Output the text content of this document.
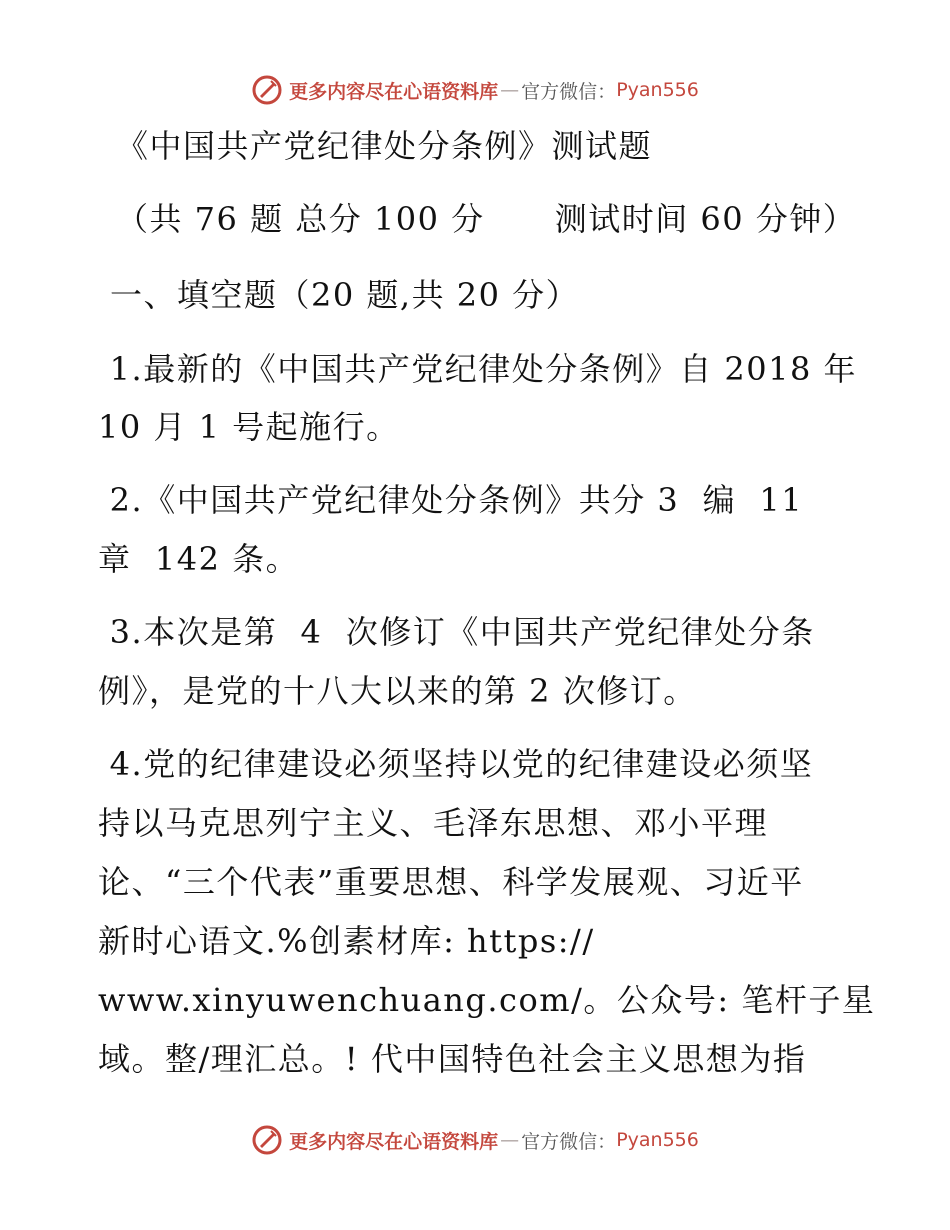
更多内容尽在心语资料库 — 官方微信： Pyan556
《中国共产党纪律处分条例》测试题
（共 76 题 总分 100 分      测试时间 60 分钟）
一、填空题（20 题,共 20 分）
1.最新的《中国共产党纪律处分条例》自 2018 年
10 月 1 号起施行。
2.《中国共产党纪律处分条例》共分 3  编  11
章  142 条。
3.本次是第  4  次修订《中国共产党纪律处分条
例》，是党的十八大以来的第 2 次修订。
4.党的纪律建设必须坚持以党的纪律建设必须坚
持以马克思列宁主义、毛泽东思想、邓小平理
论、“三个代表”重要思想、科学发展观、习近平
新时心语文.%创素材库: https://
www.xinyuwenchuang.com/。公众号: 笔杆子星
域。整/理汇总。! 代中国特色社会主义思想为指
更多内容尽在心语资料库 — 官方微信： Pyan556
